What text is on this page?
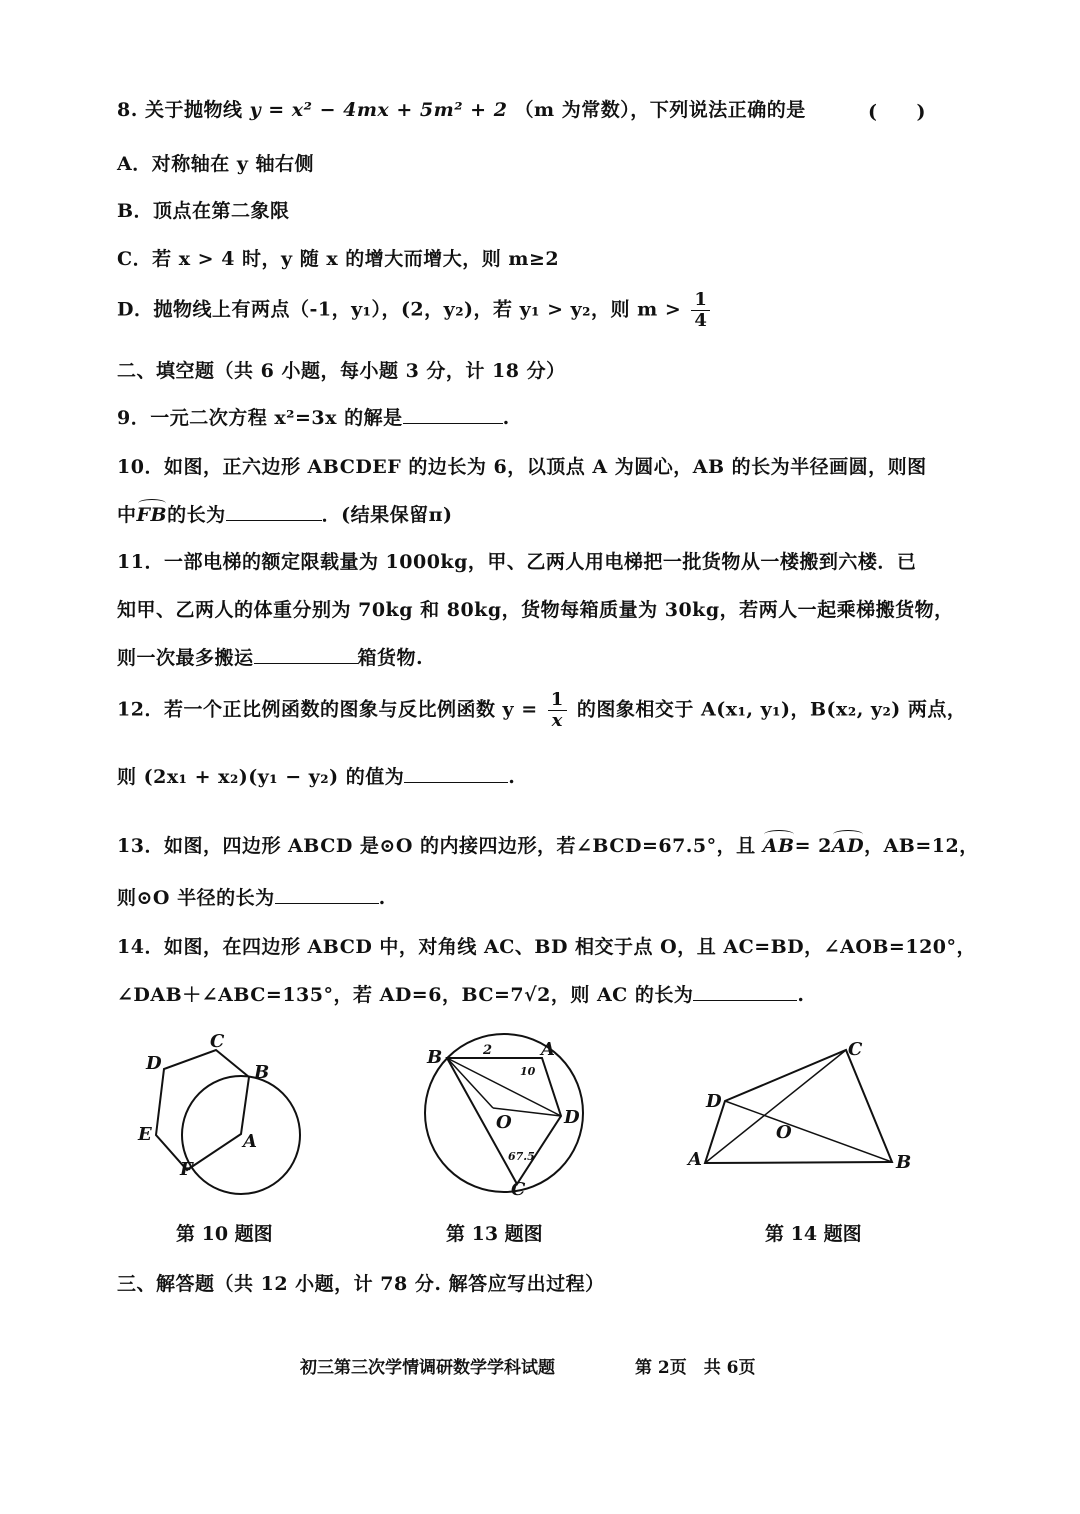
8. 关于抛物线 y = x² − 4mx + 5m² + 2 （m 为常数），下列说法正确的是	(　　)
A．对称轴在 y 轴右侧
B．顶点在第二象限
C．若 x > 4 时，y 随 x 的增大而增大，则 m≥2
D．抛物线上有两点（-1，y₁），(2，y₂)，若 y₁ > y₂，则 $m > \frac{1}{4}$
二、填空题（共 6 小题，每小题 3 分，计 18 分）
9．一元二次方程 x²=3x 的解是	.
10．如图，正六边形 ABCDEF 的边长为 6，以顶点 A 为圆心，AB 的长为半径画圆，则图
中FB的长为	．(结果保留π)
11．一部电梯的额定限载量为 1000kg，甲、乙两人用电梯把一批货物从一楼搬到六楼．已
知甲、乙两人的体重分别为 70kg 和 80kg，货物每箱质量为 30kg，若两人一起乘梯搬货物，
则一次最多搬运	箱货物.
12．若一个正比例函数的图象与反比例函数 $y = \frac{1}{x}$ 的图象相交于 A(x₁, y₁)，B(x₂, y₂) 两点，
则 (2x₁ + x₂)(y₁ − y₂) 的值为	.
13．如图，四边形 ABCD 是⊙O 的内接四边形，若∠BCD=67.5°，且 AB= 2AD，AB=12，
则⊙O 半径的长为	.
14．如图，在四边形 ABCD 中，对角线 AC、BD 相交于点 O，且 AC=BD，∠AOB=120°，
∠DAB＋∠ABC=135°，若 AD=6，BC=7√2，则 AC 的长为	.
C
D	B
E	A
F
B	2	A
10
O	D
67.5
C
C
D
O
A	B
第 10 题图	第 13 题图	第 14 题图
三、解答题（共 12 小题，计 78 分. 解答应写出过程）
初三第三次学情调研数学学科试题	第 2页　共 6页
